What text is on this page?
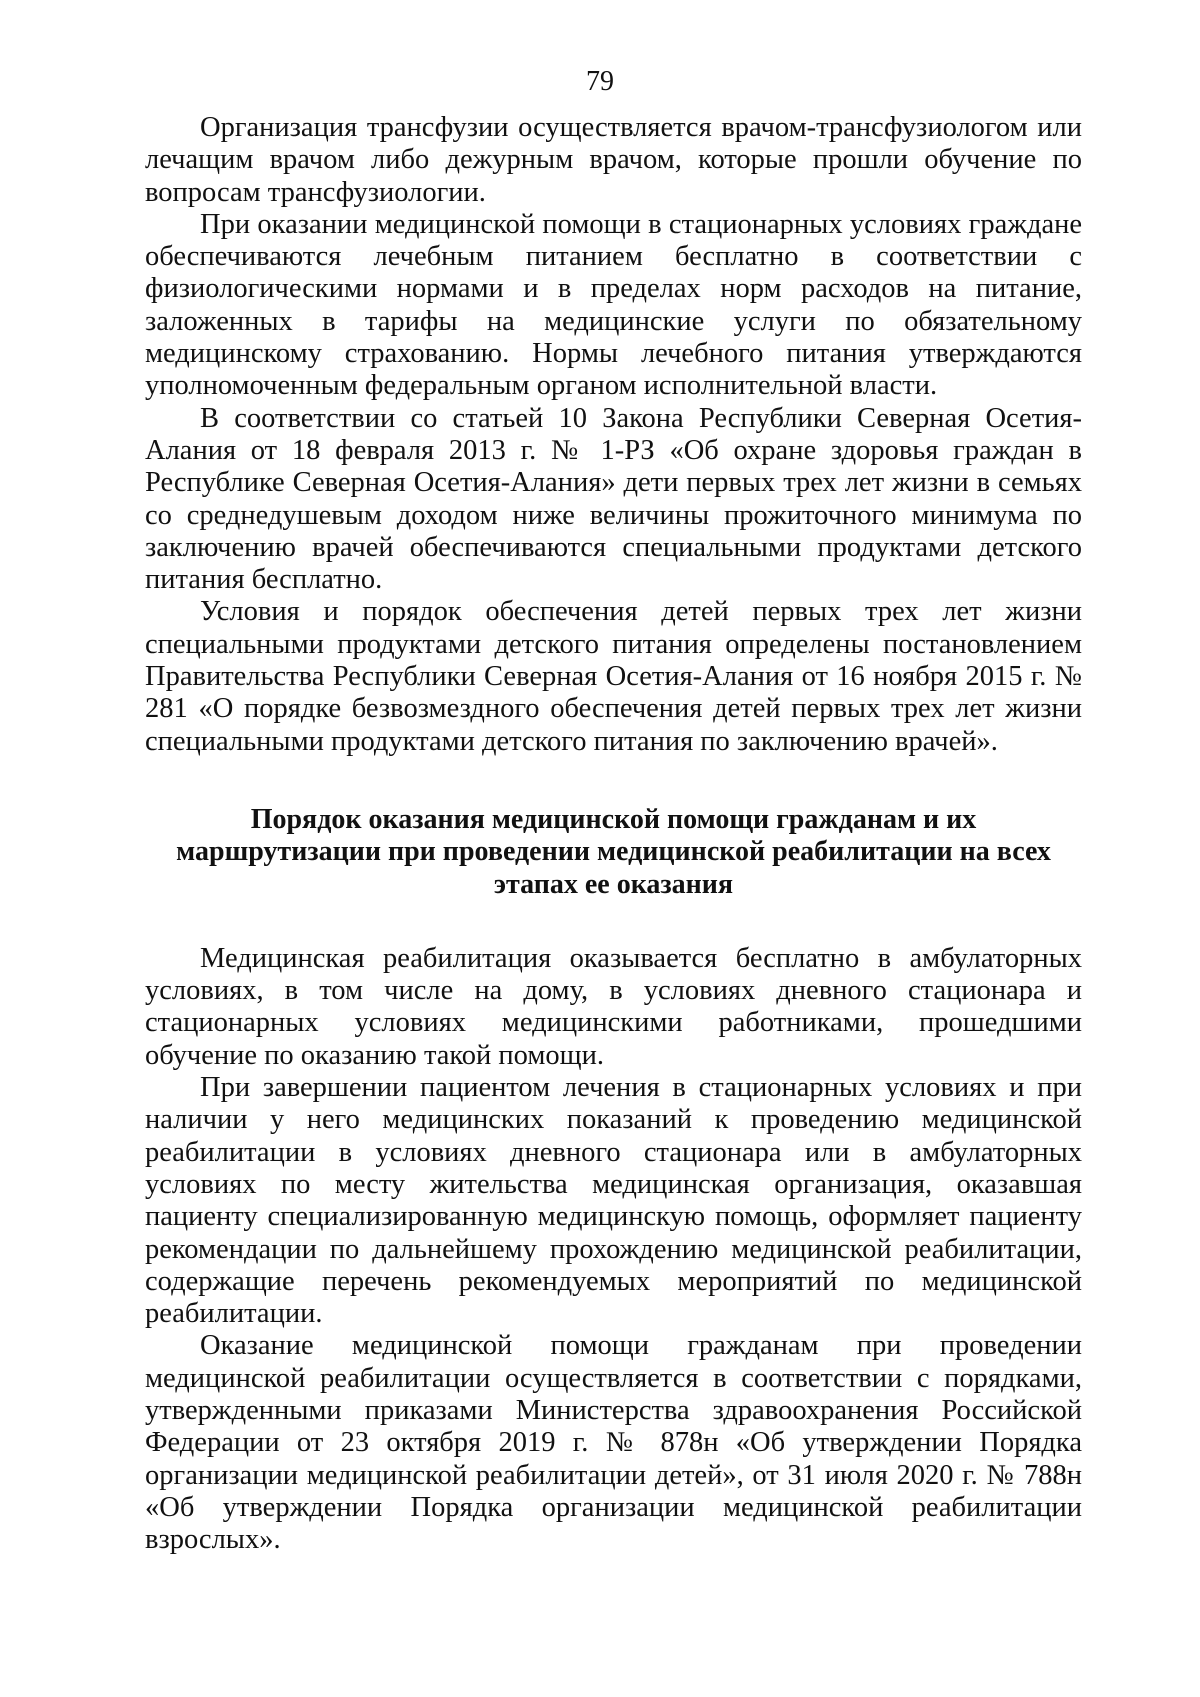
79

Организация трансфузии осуществляется врачом-трансфузиологом или лечащим врачом либо дежурным врачом, которые прошли обучение по вопросам трансфузиологии.

При оказании медицинской помощи в стационарных условиях граждане обеспечиваются лечебным питанием бесплатно в соответствии с физиологическими нормами и в пределах норм расходов на питание, заложенных в тарифы на медицинские услуги по обязательному медицинскому страхованию. Нормы лечебного питания утверждаются уполномоченным федеральным органом исполнительной власти.

В соответствии со статьей 10 Закона Республики Северная Осетия-Алания от 18 февраля 2013 г. № 1-РЗ «Об охране здоровья граждан в Республике Северная Осетия-Алания» дети первых трех лет жизни в семьях со среднедушевым доходом ниже величины прожиточного минимума по заключению врачей обеспечиваются специальными продуктами детского питания бесплатно.

Условия и порядок обеспечения детей первых трех лет жизни специальными продуктами детского питания определены постановлением Правительства Республики Северная Осетия-Алания от 16 ноября 2015 г. № 281 «О порядке безвозмездного обеспечения детей первых трех лет жизни специальными продуктами детского питания по заключению врачей».

Порядок оказания медицинской помощи гражданам и их маршрутизации при проведении медицинской реабилитации на всех этапах ее оказания

Медицинская реабилитация оказывается бесплатно в амбулаторных условиях, в том числе на дому, в условиях дневного стационара и стационарных условиях медицинскими работниками, прошедшими обучение по оказанию такой помощи.

При завершении пациентом лечения в стационарных условиях и при наличии у него медицинских показаний к проведению медицинской реабилитации в условиях дневного стационара или в амбулаторных условиях по месту жительства медицинская организация, оказавшая пациенту специализированную медицинскую помощь, оформляет пациенту рекомендации по дальнейшему прохождению медицинской реабилитации, содержащие перечень рекомендуемых мероприятий по медицинской реабилитации.

Оказание медицинской помощи гражданам при проведении медицинской реабилитации осуществляется в соответствии с порядками, утвержденными приказами Министерства здравоохранения Российской Федерации от 23 октября 2019 г. № 878н «Об утверждении Порядка организации медицинской реабилитации детей», от 31 июля 2020 г. № 788н «Об утверждении Порядка организации медицинской реабилитации взрослых».
